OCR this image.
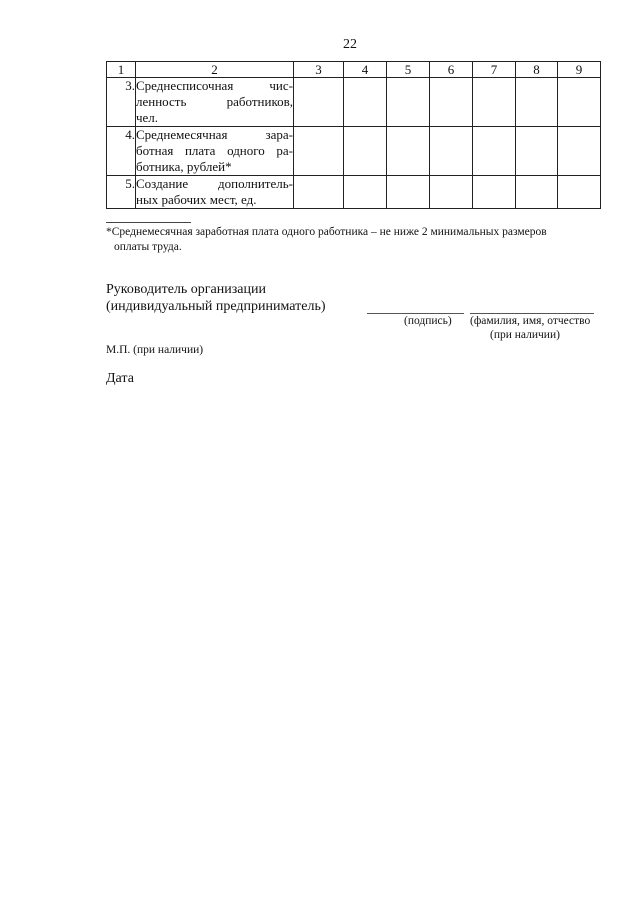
22
1	2	3	4	5	6	7	8	9
3.	Среднесписочная чис-
ленность работников,
чел.							

4.	Среднемесячная зара-
ботная плата одного ра-
ботника, рублей*							

5.	Создание дополнитель-
ных рабочих мест, ед.							

*Среднемесячная заработная плата одного работника – не ниже 2 минимальных размеров
оплаты труда.
Руководитель организации
(индивидуальный предприниматель)
(подпись) (фамилия, имя, отчество
(при наличии)
М.П. (при наличии)
Дата
